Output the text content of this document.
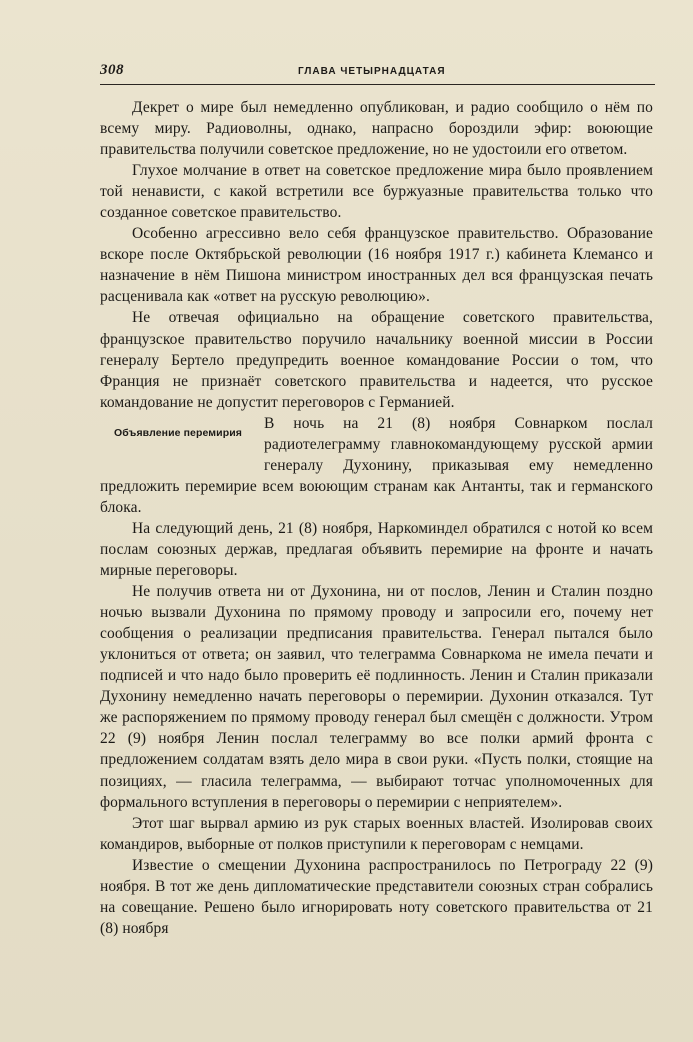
308	ГЛАВА ЧЕТЫРНАДЦАТАЯ

Декрет о мире был немедленно опубликован, и радио сообщило о нём по всему миру. Радиоволны, однако, напрасно бороздили эфир: воюющие правительства получили советское предложение, но не удостоили его ответом.

Глухое молчание в ответ на советское предложение мира было проявлением той ненависти, с какой встретили все буржуазные правительства только что созданное советское правительство.

Особенно агрессивно вело себя французское правительство. Образование вскоре после Октябрьской революции (16 ноября 1917 г.) кабинета Клемансо и назначение в нём Пишона министром иностранных дел вся французская печать расценивала как «ответ на русскую революцию».

Не отвечая официально на обращение советского правительства, французское правительство поручило начальнику военной миссии в России генералу Бертело предупредить военное командование России о том, что Франция не признаёт советского правительства и надеется, что русское командование не допустит переговоров с Германией.

Объявление перемирия

В ночь на 21 (8) ноября Совнарком послал радиотелеграмму главнокомандующему русской армии генералу Духонину, приказывая ему немедленно предложить перемирие всем воюющим странам как Антанты, так и германского блока.

На следующий день, 21 (8) ноября, Наркоминдел обратился с нотой ко всем послам союзных держав, предлагая объявить перемирие на фронте и начать мирные переговоры.

Не получив ответа ни от Духонина, ни от послов, Ленин и Сталин поздно ночью вызвали Духонина по прямому проводу и запросили его, почему нет сообщения о реализации предписания правительства. Генерал пытался было уклониться от ответа; он заявил, что телеграмма Совнаркома не имела печати и подписей и что надо было проверить её подлинность. Ленин и Сталин приказали Духонину немедленно начать переговоры о перемирии. Духонин отказался. Тут же распоряжением по прямому проводу генерал был смещён с должности. Утром 22 (9) ноября Ленин послал телеграмму во все полки армий фронта с предложением солдатам взять дело мира в свои руки. «Пусть полки, стоящие на позициях, — гласила телеграмма, — выбирают тотчас уполномоченных для формального вступления в переговоры о перемирии с неприятелем».

Этот шаг вырвал армию из рук старых военных властей. Изолировав своих командиров, выборные от полков приступили к переговорам с немцами.

Известие о смещении Духонина распространилось по Петрограду 22 (9) ноября. В тот же день дипломатические представители союзных стран собрались на совещание. Решено было игнорировать ноту советского правительства от 21 (8) ноября
